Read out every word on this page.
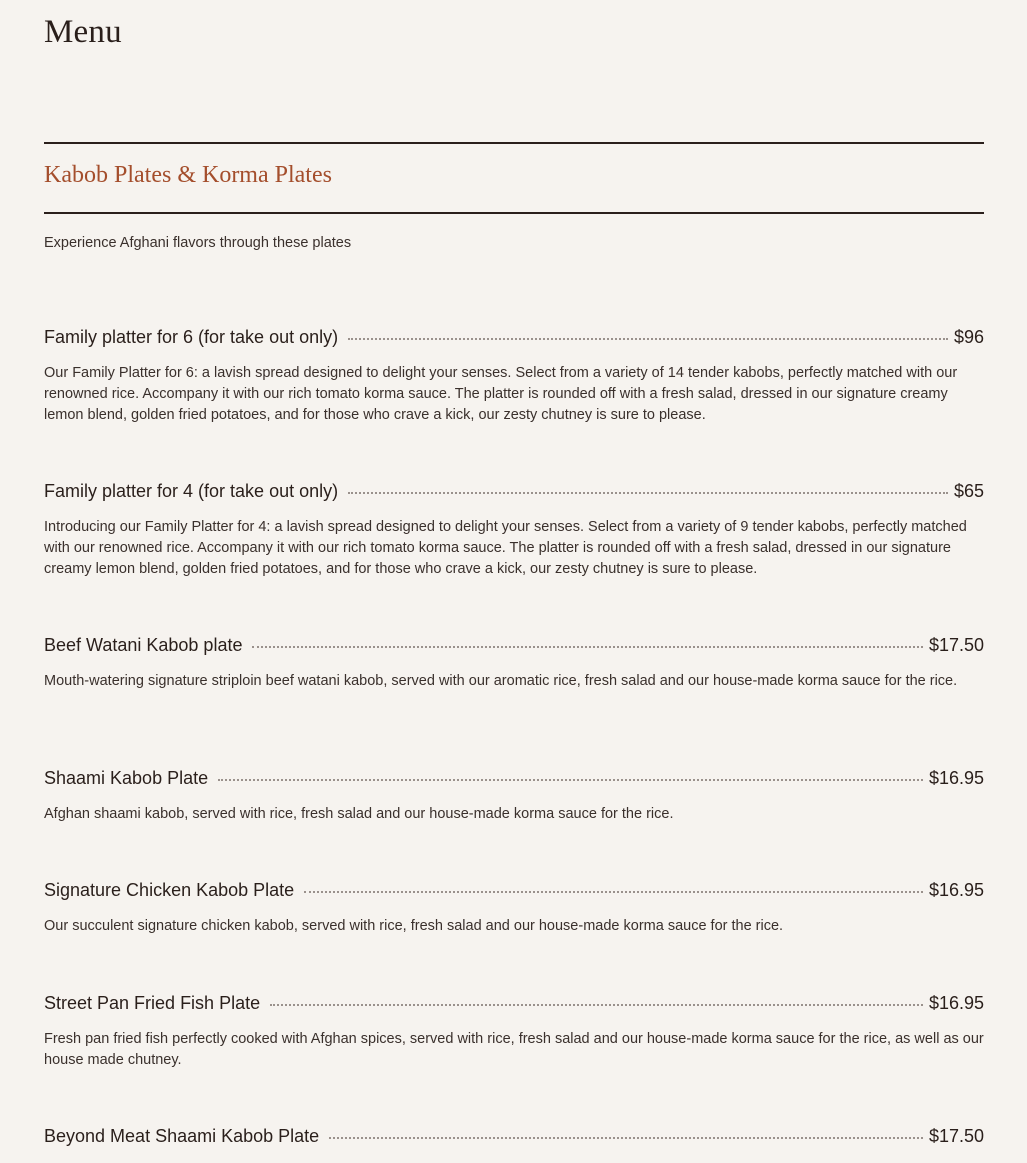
Menu
Kabob Plates & Korma Plates
Experience Afghani flavors through these plates
Family platter for 6 (for take out only)	$96

Our Family Platter for 6: a lavish spread designed to delight your senses. Select from a variety of 14 tender kabobs, perfectly matched with our renowned rice. Accompany it with our rich tomato korma sauce. The platter is rounded off with a fresh salad, dressed in our signature creamy lemon blend, golden fried potatoes, and for those who crave a kick, our zesty chutney is sure to please.

Family platter for 4 (for take out only)	$65

Introducing our Family Platter for 4: a lavish spread designed to delight your senses. Select from a variety of 9 tender kabobs, perfectly matched with our renowned rice. Accompany it with our rich tomato korma sauce. The platter is rounded off with a fresh salad, dressed in our signature creamy lemon blend, golden fried potatoes, and for those who crave a kick, our zesty chutney is sure to please.

Beef Watani Kabob plate	$17.50

Mouth-watering signature striploin beef watani kabob, served with our aromatic rice, fresh salad and our house-made korma sauce for the rice.

Shaami Kabob Plate	$16.95

Afghan shaami kabob, served with rice, fresh salad and our house-made korma sauce for the rice.

Signature Chicken Kabob Plate	$16.95

Our succulent signature chicken kabob, served with rice, fresh salad and our house-made korma sauce for the rice.

Street Pan Fried Fish Plate	$16.95

Fresh pan fried fish perfectly cooked with Afghan spices, served with rice, fresh salad and our house-made korma sauce for the rice, as well as our house made chutney.

Beyond Meat Shaami Kabob Plate	$17.50
